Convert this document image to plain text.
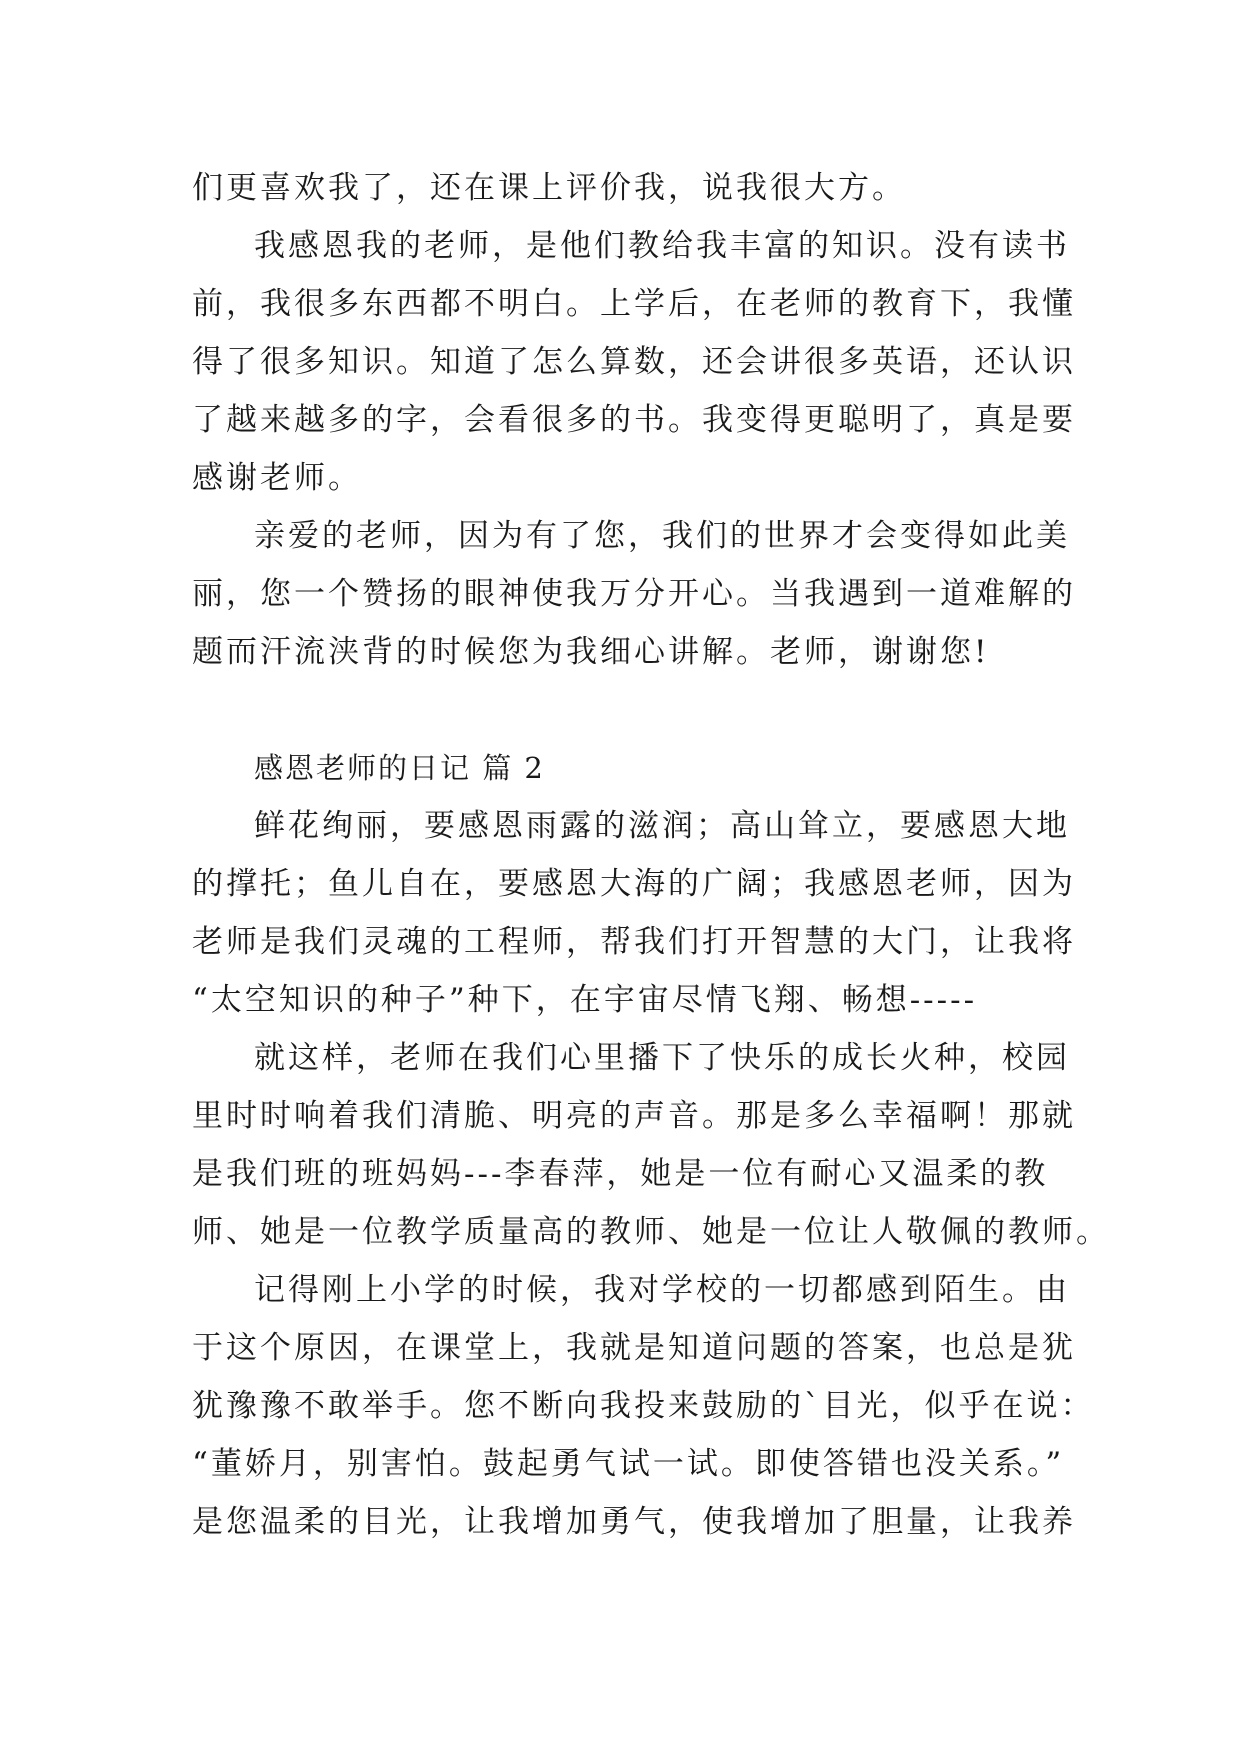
们更喜欢我了，还在课上评价我，说我很大方。
我感恩我的老师，是他们教给我丰富的知识。没有读书
前，我很多东西都不明白。上学后，在老师的教育下，我懂
得了很多知识。知道了怎么算数，还会讲很多英语，还认识
了越来越多的字，会看很多的书。我变得更聪明了，真是要
感谢老师。
亲爱的老师，因为有了您，我们的世界才会变得如此美
丽，您一个赞扬的眼神使我万分开心。当我遇到一道难解的
题而汗流浃背的时候您为我细心讲解。老师，谢谢您!
感恩老师的日记 篇 2
鲜花绚丽，要感恩雨露的滋润；高山耸立，要感恩大地
的撑托；鱼儿自在，要感恩大海的广阔；我感恩老师，因为
老师是我们灵魂的工程师，帮我们打开智慧的大门，让我将
“太空知识的种子”种下，在宇宙尽情飞翔、畅想-----
就这样，老师在我们心里播下了快乐的成长火种，校园
里时时响着我们清脆、明亮的声音。那是多么幸福啊！那就
是我们班的班妈妈---李春萍，她是一位有耐心又温柔的教
师、她是一位教学质量高的教师、她是一位让人敬佩的教师。
记得刚上小学的时候，我对学校的一切都感到陌生。由
于这个原因，在课堂上，我就是知道问题的答案，也总是犹
犹豫豫不敢举手。您不断向我投来鼓励的`目光，似乎在说：
“董娇月，别害怕。鼓起勇气试一试。即使答错也没关系。”
是您温柔的目光，让我增加勇气，使我增加了胆量，让我养
